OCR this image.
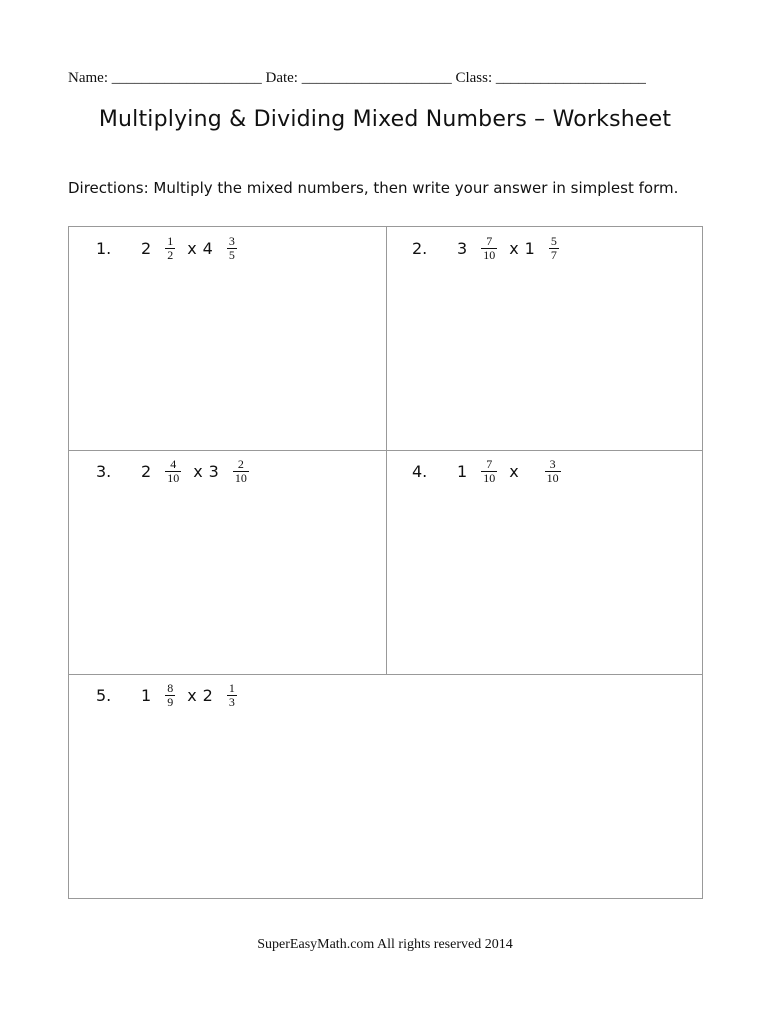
Name: ____________________ Date: ____________________ Class: ____________________
Multiplying & Dividing Mixed Numbers – Worksheet
Directions: Multiply the mixed numbers, then write your answer in simplest form.
1.	$2 \frac{1}{2}$ x $4 \frac{3}{5}$	2.	$3 \frac{7}{10}$ x $1 \frac{5}{7}$
3.	$2 \frac{4}{10}$ x $3 \frac{2}{10}$	4.	$1 \frac{7}{10}$ x $\frac{3}{10}$
5.	$1 \frac{8}{9}$ x $2 \frac{1}{3}$
SuperEasyMath.com All rights reserved 2014
